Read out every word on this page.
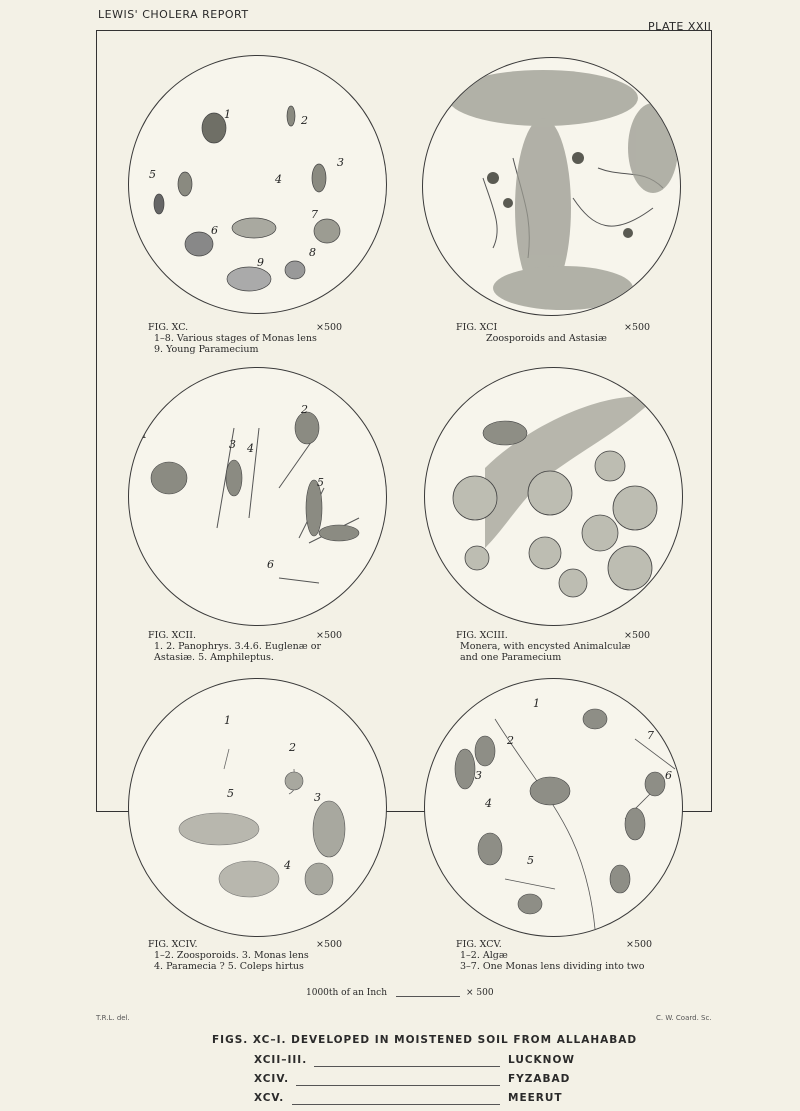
LEWIS' CHOLERA REPORT
PLATE XXII
1	2
3
4
5
6
7
8
9
FIG. XC.	×500

1–8. Various stages of Monas lens
9. Young Paramecium
FIG. XCI	×500

Zoosporoids and Astasiæ
1
2
3 4
5
6
FIG. XCII.	×500

1. 2. Panophrys. 3.4.6. Euglenæ or
Astasiæ. 5. Amphileptus.
FIG. XCIII.	×500

Monera, with encysted Animalculæ
and one Paramecium
1
2
3
4
5
FIG. XCIV.	×500

1–2. Zoosporoids. 3. Monas lens
4. Paramecia ? 5. Coleps hirtus
1
2
3
4
5
6
7
FIG. XCV.	×500

1–2. Algæ
3–7. One Monas lens dividing into two
1000th of an Inch	× 500
T.R.L. del.	C. W. Coard. Sc.
FIGS. XC–I. DEVELOPED IN MOISTENED SOIL FROM ALLAHABAD
XCII–III.	LUCKNOW
XCIV.	FYZABAD
XCV.	MEERUT
